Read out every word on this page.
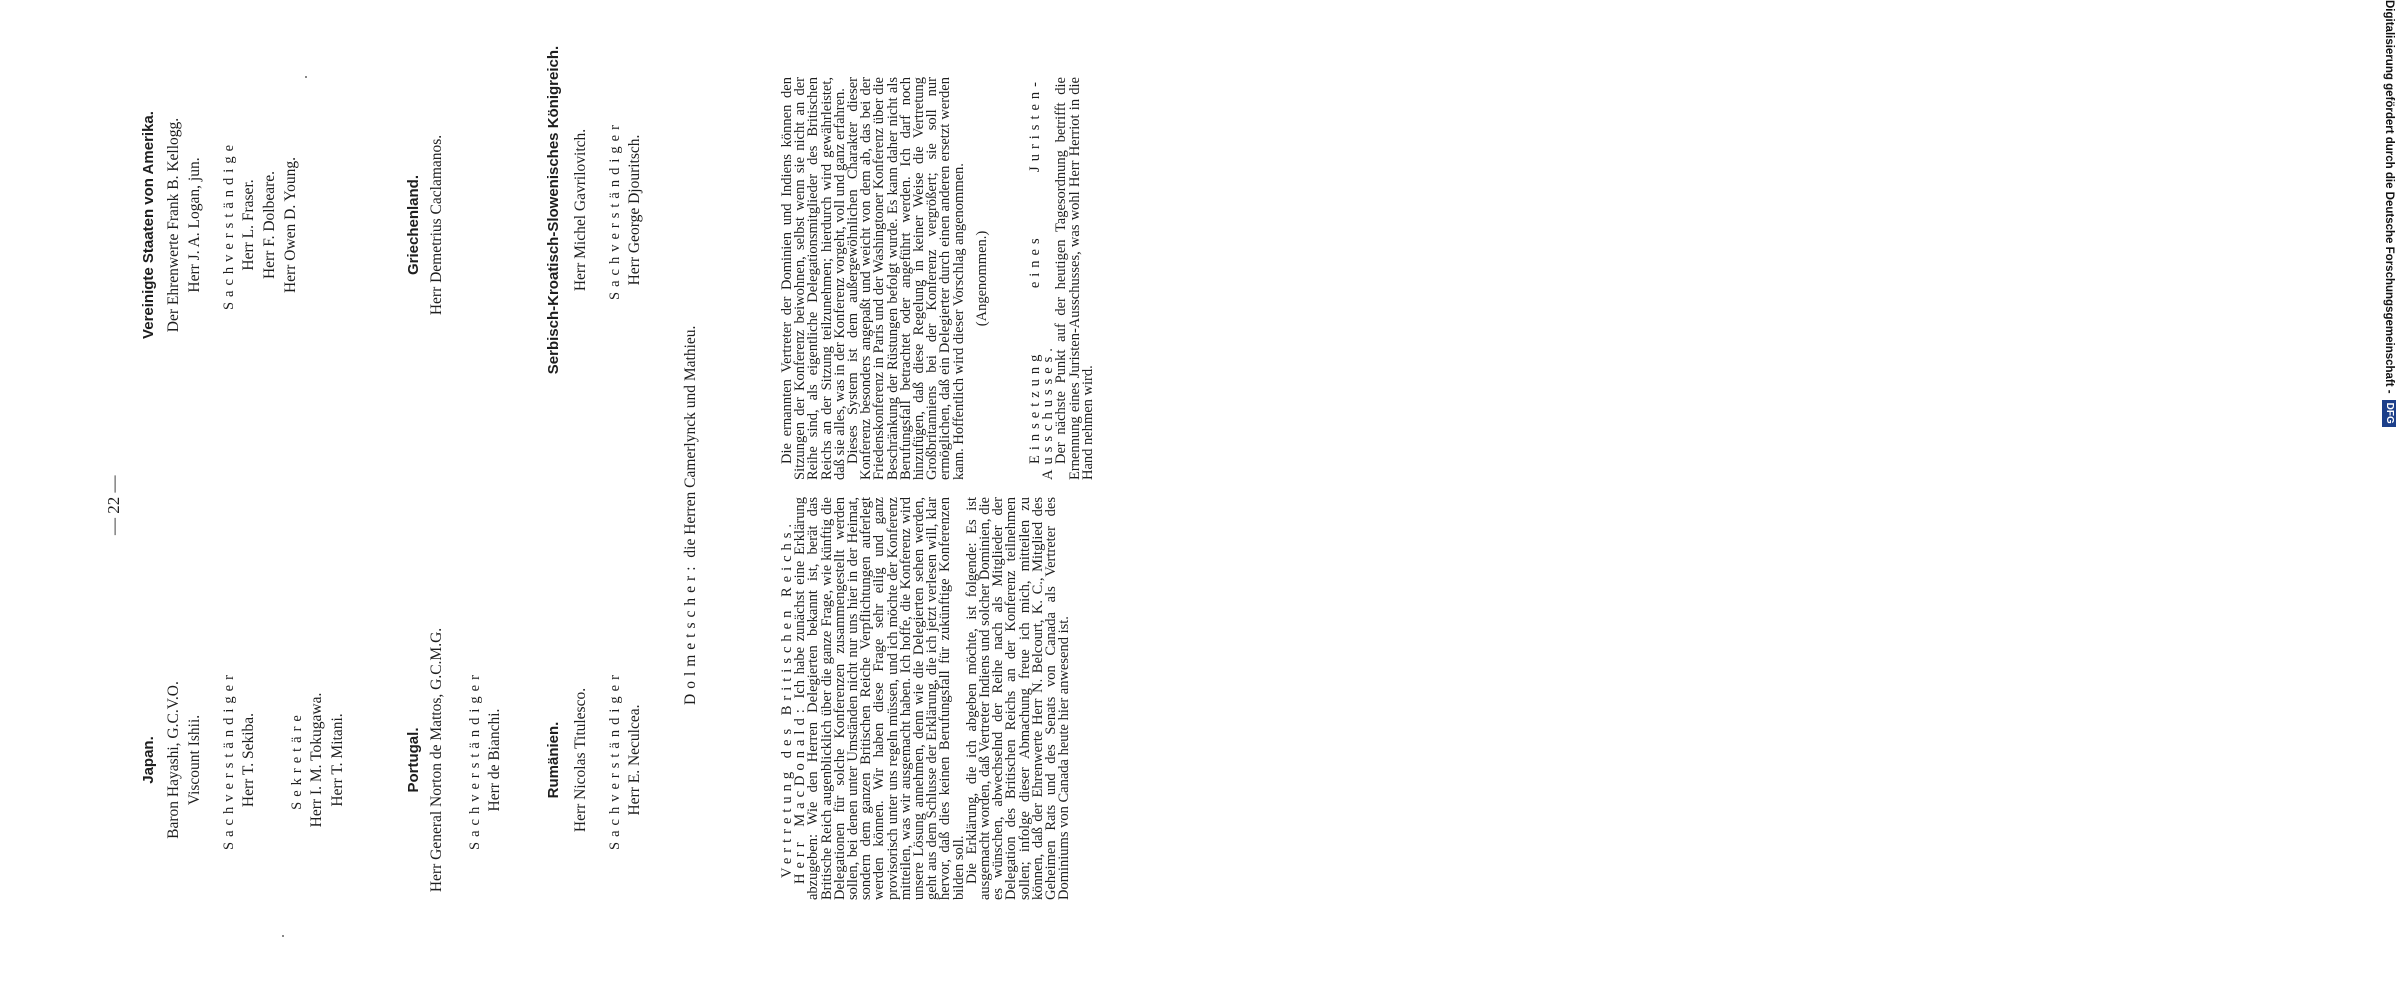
— 22 —
Japan. Baron Hayashi, G.C.V.O. Viscount Ishii. Sachverständiger Herr T. Sekiba. Sekretäre Herr I. M. Tokugawa. Herr T. Mitani.	Portugal. Herr General Norton de Mattos, G.C.M.G. Sachverständiger Herr de Bianchi.	Rumänien. Herr Nicolas Titulesco. Sachverständiger Herr E. Neculcea.
Vereinigte Staaten von Amerika. Der Ehrenwerte Frank B. Kellogg. Herr J. A. Logan, jun. Sachverständige Herr L. Fraser. Herr F. Dolbeare. Herr Owen D. Young.	Griechenland. Herr Demetrius Caclamanos.	Serbisch-Kroatisch-Slowenisches Königreich. Herr Michel Gavrilovitch. Sachverständiger Herr George Djouritsch.
Dolmetscher: die Herren Camerlynck und Mathieu.

Vertretung des Britischen Reichs.

Herr MacDonald: Ich habe zunächst eine Erklärung abzugeben: Wie den Herren Delegierten bekannt ist, berät das Britische Reich augenblicklich über die ganze Frage, wie künftig die Delegationen für solche Konferenzen zusammengestellt werden sollen, bei denen unter Umständen nicht nur uns hier in der Heimat, sondern dem ganzen Britischen Reiche Verpflichtungen auferlegt werden können. Wir haben diese Frage sehr eilig und ganz provisorisch unter uns regeln müssen, und ich möchte der Konferenz mitteilen, was wir ausgemacht haben. Ich hoffe, die Konferenz wird unsere Lösung annehmen, denn wie die Delegierten sehen werden, geht aus dem Schlusse der Erklärung, die ich jetzt verlesen will, klar hervor, daß dies keinen Berufungsfall für zukünftige Konferenzen bilden soll.

Die Erklärung, die ich abgeben möchte, ist folgende: Es ist ausgemacht worden, daß Vertreter Indiens und solcher Dominien, die es wünschen, abwechselnd der Reihe nach als Mitglieder der Delegation des Britischen Reichs an der Konferenz teilnehmen sollen; infolge dieser Abmachung freue ich mich, mitteilen zu können, daß der Ehrenwerte Herr N. Belcourt, K. C., Mitglied des Geheimen Rats und des Senats von Canada als Vertreter des Dominiums von Canada heute hier anwesend ist.

Die ernannten Vertreter der Dominien und Indiens können den Sitzungen der Konferenz beiwohnen, selbst wenn sie nicht an der Reihe sind, als eigentliche Delegationsmitglieder des Britischen Reichs an der Sitzung teilzunehmen; hierdurch wird gewährleistet, daß sie alles, was in der Konferenz vorgeht, voll und ganz erfahren.

Dieses System ist dem außergewöhnlichen Charakter dieser Konferenz besonders angepaßt und weicht von dem ab, das bei der Friedenskonferenz in Paris und der Washingtoner Konferenz über die Beschränkung der Rüstungen befolgt wurde. Es kann daher nicht als Berufungsfall betrachtet oder angeführt werden. Ich darf noch hinzufügen, daß diese Regelung in keiner Weise die Vertretung Großbritanniens bei der Konferenz vergrößert; sie soll nur ermöglichen, daß ein Delegierter durch einen anderen ersetzt werden kann. Hoffentlich wird dieser Vorschlag angenommen. (Angenommen.)	Einsetzung eines Juristen-Ausschusses.

Der nächste Punkt auf der heutigen Tagesordnung betrifft die Ernennung eines Juristen-Ausschusses, was wohl Herr Herriot in die Hand nehmen wird.

Digitalisierung gefördert durch die Deutsche Forschungsgemeinschaft -DFG
